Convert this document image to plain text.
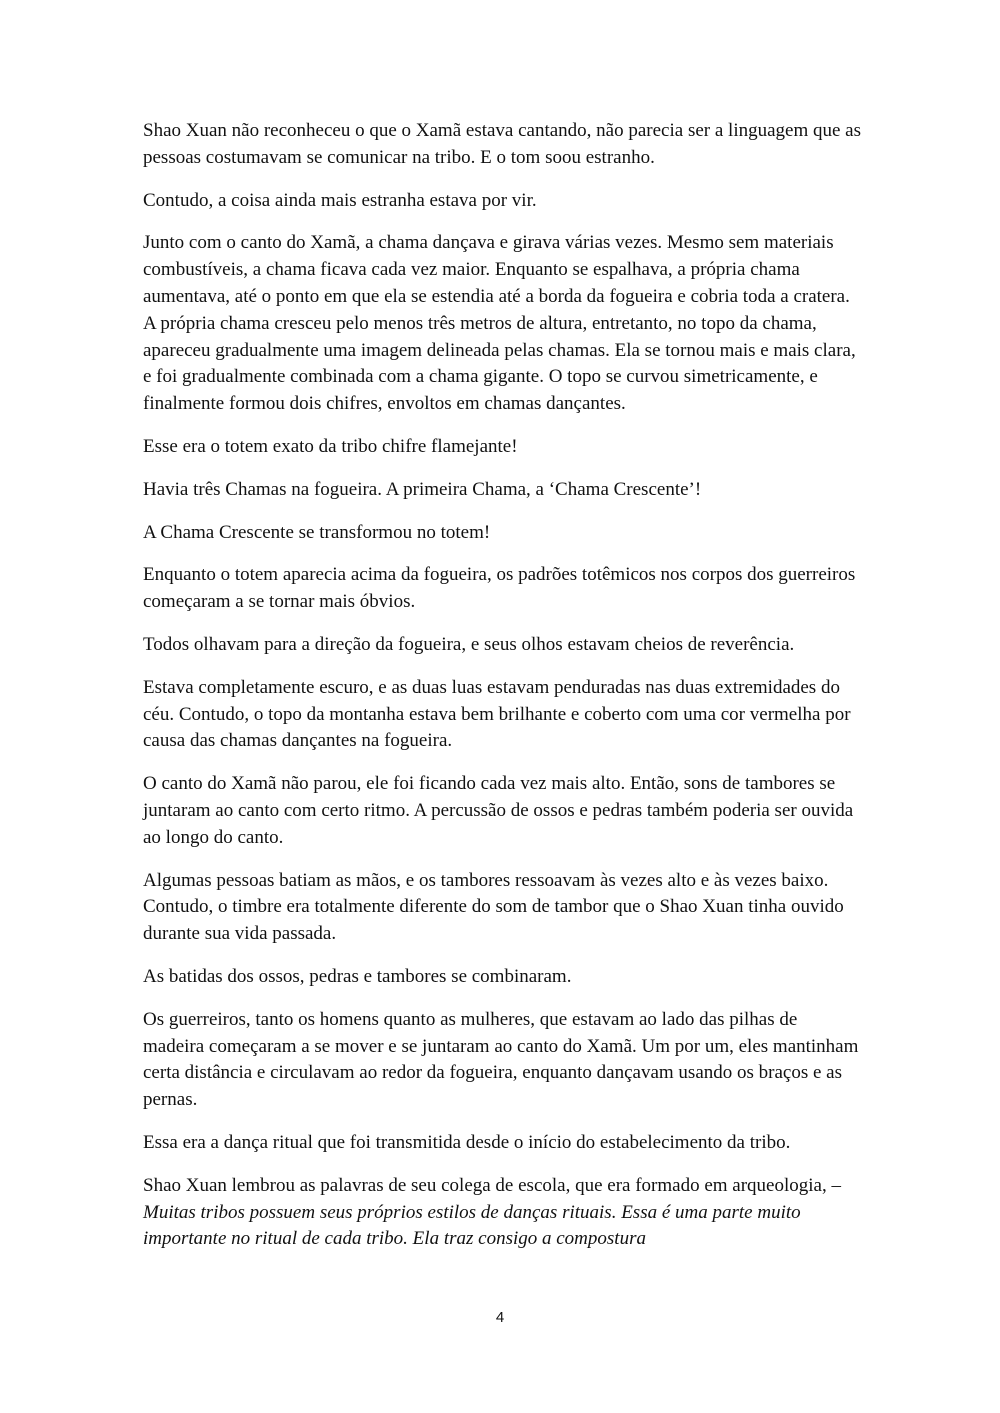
Shao Xuan não reconheceu o que o Xamã estava cantando, não parecia ser a linguagem que as pessoas costumavam se comunicar na tribo. E o tom soou estranho.

Contudo, a coisa ainda mais estranha estava por vir.

Junto com o canto do Xamã, a chama dançava e girava várias vezes. Mesmo sem materiais combustíveis, a chama ficava cada vez maior. Enquanto se espalhava, a própria chama aumentava, até o ponto em que ela se estendia até a borda da fogueira e cobria toda a cratera. A própria chama cresceu pelo menos três metros de altura, entretanto, no topo da chama, apareceu gradualmente uma imagem delineada pelas chamas. Ela se tornou mais e mais clara, e foi gradualmente combinada com a chama gigante. O topo se curvou simetricamente, e finalmente formou dois chifres, envoltos em chamas dançantes.

Esse era o totem exato da tribo chifre flamejante!

Havia três Chamas na fogueira. A primeira Chama, a ‘Chama Crescente’!

A Chama Crescente se transformou no totem!

Enquanto o totem aparecia acima da fogueira, os padrões totêmicos nos corpos dos guerreiros começaram a se tornar mais óbvios.

Todos olhavam para a direção da fogueira, e seus olhos estavam cheios de reverência.

Estava completamente escuro, e as duas luas estavam penduradas nas duas extremidades do céu. Contudo, o topo da montanha estava bem brilhante e coberto com uma cor vermelha por causa das chamas dançantes na fogueira.

O canto do Xamã não parou, ele foi ficando cada vez mais alto. Então, sons de tambores se juntaram ao canto com certo ritmo. A percussão de ossos e pedras também poderia ser ouvida ao longo do canto.

Algumas pessoas batiam as mãos, e os tambores ressoavam às vezes alto e às vezes baixo. Contudo, o timbre era totalmente diferente do som de tambor que o Shao Xuan tinha ouvido durante sua vida passada.

As batidas dos ossos, pedras e tambores se combinaram.

Os guerreiros, tanto os homens quanto as mulheres, que estavam ao lado das pilhas de madeira começaram a se mover e se juntaram ao canto do Xamã. Um por um, eles mantinham certa distância e circulavam ao redor da fogueira, enquanto dançavam usando os braços e as pernas.

Essa era a dança ritual que foi transmitida desde o início do estabelecimento da tribo.

Shao Xuan lembrou as palavras de seu colega de escola, que era formado em arqueologia, – Muitas tribos possuem seus próprios estilos de danças rituais. Essa é uma parte muito importante no ritual de cada tribo. Ela traz consigo a compostura

4
